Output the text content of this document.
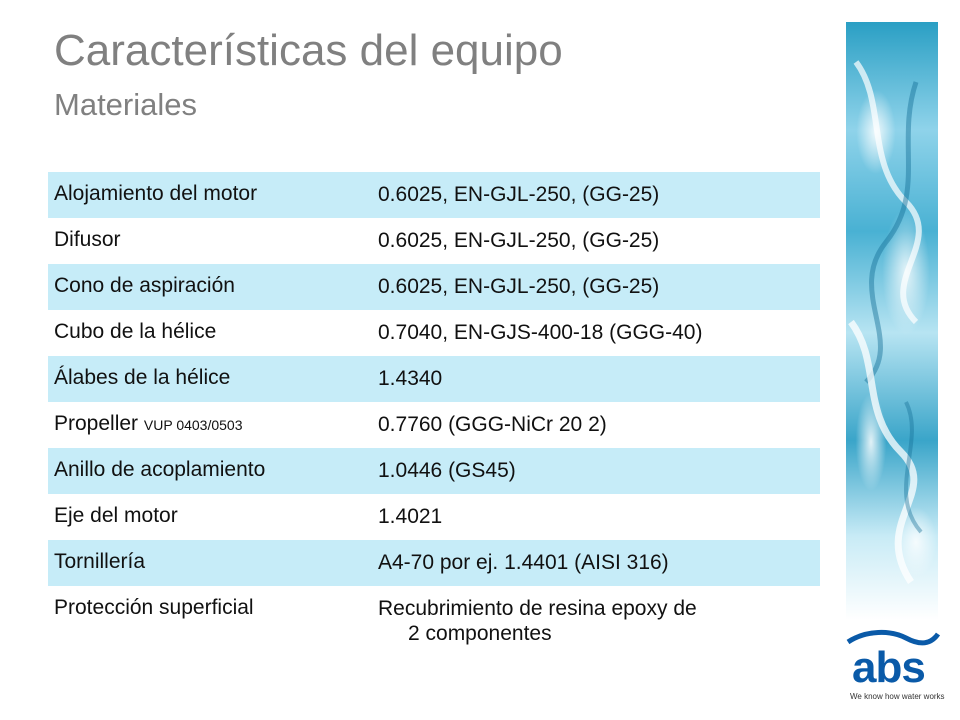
Características del equipo
Materiales
Alojamiento del motor	0.6025, EN-GJL-250, (GG-25)
Difusor	0.6025, EN-GJL-250, (GG-25)
Cono de aspiración	0.6025, EN-GJL-250, (GG-25)
Cubo de la hélice	0.7040, EN-GJS-400-18 (GGG-40)
Álabes de la hélice	1.4340
Propeller VUP 0403/0503	0.7760 (GGG-NiCr 20 2)
Anillo de acoplamiento	1.0446 (GS45)
Eje del motor	1.4021
Tornillería	A4-70 por ej. 1.4401 (AISI 316)
Protección superficial	Recubrimiento de resina epoxy de
2 componentes
abs
We know how water works
